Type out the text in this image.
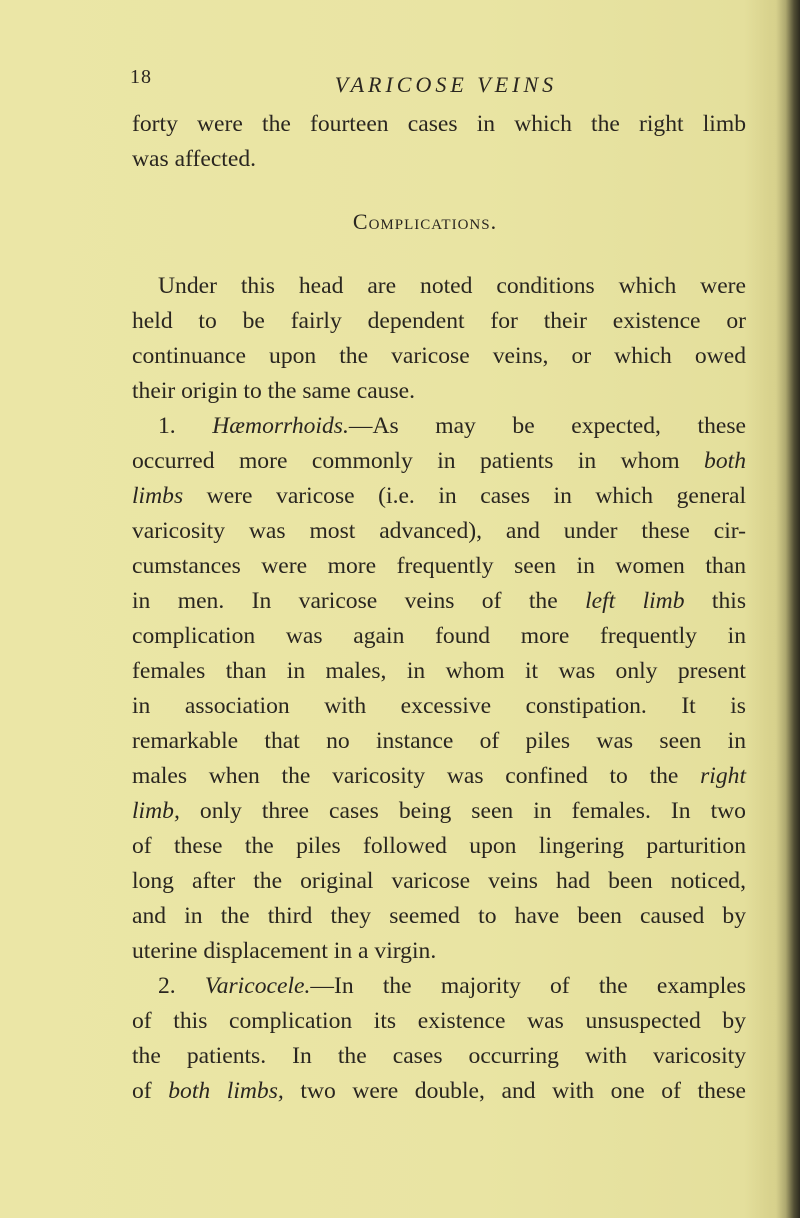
18	VARICOSE VEINS
forty were the fourteen cases in which the right limb
was affected.
Complications.
Under this head are noted conditions which were
held to be fairly dependent for their existence or
continuance upon the varicose veins, or which owed
their origin to the same cause.
1. Hæmorrhoids.—As may be expected, these
occurred more commonly in patients in whom both
limbs were varicose (i.e. in cases in which general
varicosity was most advanced), and under these cir-
cumstances were more frequently seen in women than
in men. In varicose veins of the left limb this
complication was again found more frequently in
females than in males, in whom it was only present
in association with excessive constipation. It is
remarkable that no instance of piles was seen in
males when the varicosity was confined to the right
limb, only three cases being seen in females. In two
of these the piles followed upon lingering parturition
long after the original varicose veins had been noticed,
and in the third they seemed to have been caused by
uterine displacement in a virgin.
2. Varicocele.—In the majority of the examples
of this complication its existence was unsuspected by
the patients. In the cases occurring with varicosity
of both limbs, two were double, and with one of these
